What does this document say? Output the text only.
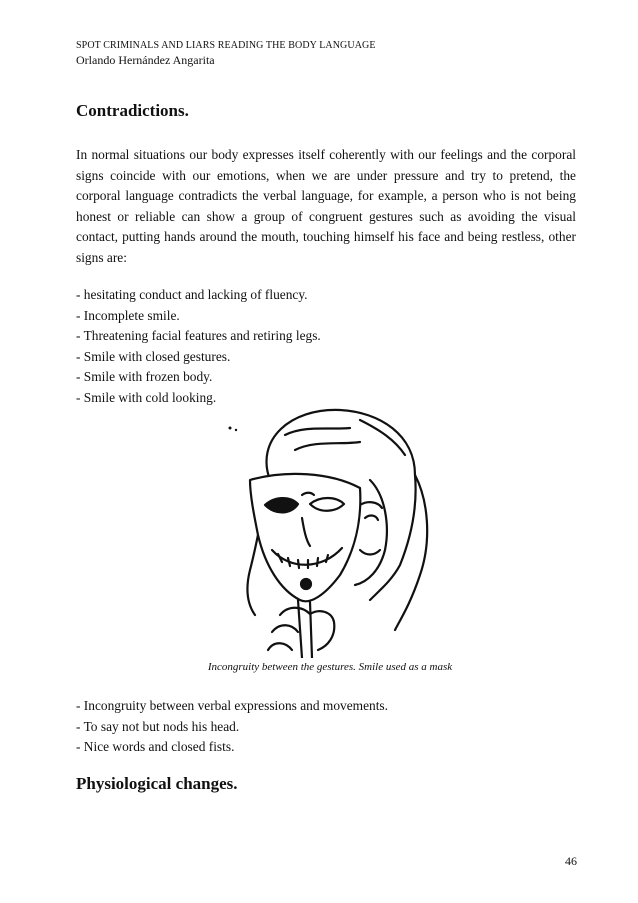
SPOT CRIMINALS AND LIARS READING THE BODY LANGUAGE
Orlando Hernández Angarita
Contradictions.
In normal situations our body expresses itself coherently with our feelings and the corporal signs coincide with our emotions, when we are under pressure and try to pretend, the corporal language contradicts the verbal language, for example, a person who is not being honest or reliable can show a group of congruent gestures such as avoiding the visual contact, putting hands around the mouth, touching himself his face and being restless, other signs are:
- hesitating conduct and lacking of fluency.
- Incomplete smile.
- Threatening facial features and retiring legs.
- Smile with closed gestures.
- Smile with frozen body.
- Smile with cold looking.
Incongruity between the gestures. Smile used as a mask
- Incongruity between verbal expressions and movements.
- To say not but nods his head.
- Nice words and closed fists.
Physiological changes.
46
